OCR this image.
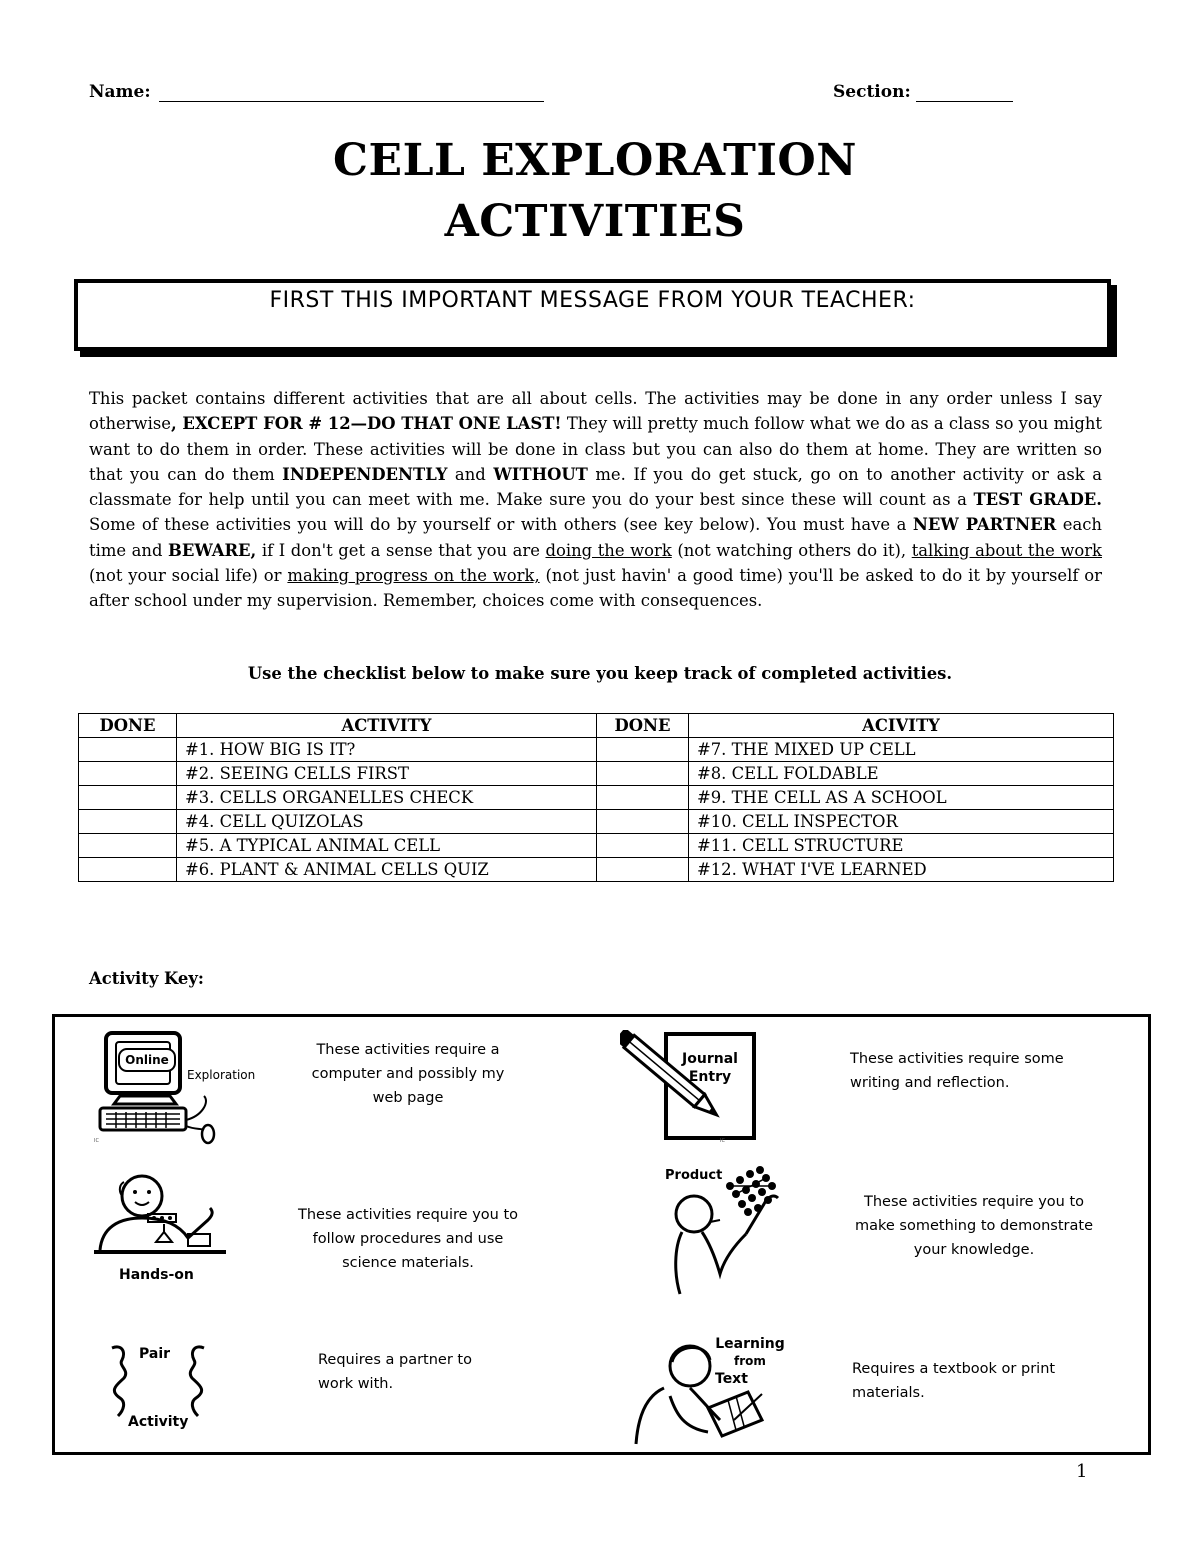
Name:	Section:
CELL EXPLORATION
ACTIVITIES
FIRST THIS IMPORTANT MESSAGE FROM YOUR TEACHER:
This packet contains different activities that are all about cells. The activities may be done in any order unless I say otherwise, EXCEPT FOR # 12—DO THAT ONE LAST! They will pretty much follow what we do as a class so you might want to do them in order. These activities will be done in class but you can also do them at home. They are written so that you can do them INDEPENDENTLY and WITHOUT me. If you do get stuck, go on to another activity or ask a classmate for help until you can meet with me. Make sure you do your best since these will count as a TEST GRADE. Some of these activities you will do by yourself or with others (see key below). You must have a NEW PARTNER each time and BEWARE, if I don't get a sense that you are doing the work (not watching others do it), talking about the work (not your social life) or making progress on the work, (not just havin' a good time) you'll be asked to do it by yourself or after school under my supervision. Remember, choices come with consequences.
Use the checklist below to make sure you keep track of completed activities.
DONE	ACTIVITY	DONE	ACIVITY
	#1. HOW BIG IS IT?		#7. THE MIXED UP CELL
	#2. SEEING CELLS FIRST		#8. CELL FOLDABLE
	#3. CELLS ORGANELLES CHECK		#9. THE CELL AS A SCHOOL
	#4. CELL QUIZOLAS		#10. CELL INSPECTOR
	#5. A TYPICAL ANIMAL CELL		#11. CELL STRUCTURE
	#6. PLANT & ANIMAL CELLS QUIZ		#12. WHAT I'VE LEARNED
Activity Key:
IC
Online
Exploration
These activities require a
computer and possibly my
web page
IC
Journal
Entry
These activities require some
writing and reflection.
Hands-on
These activities require you to
follow procedures and use
science materials.
Product
These activities require you to
make something to demonstrate
your knowledge.
Pair
Activity
Requires a partner to
work with.
Learning
from
Text
Requires a textbook or print
materials.
1
